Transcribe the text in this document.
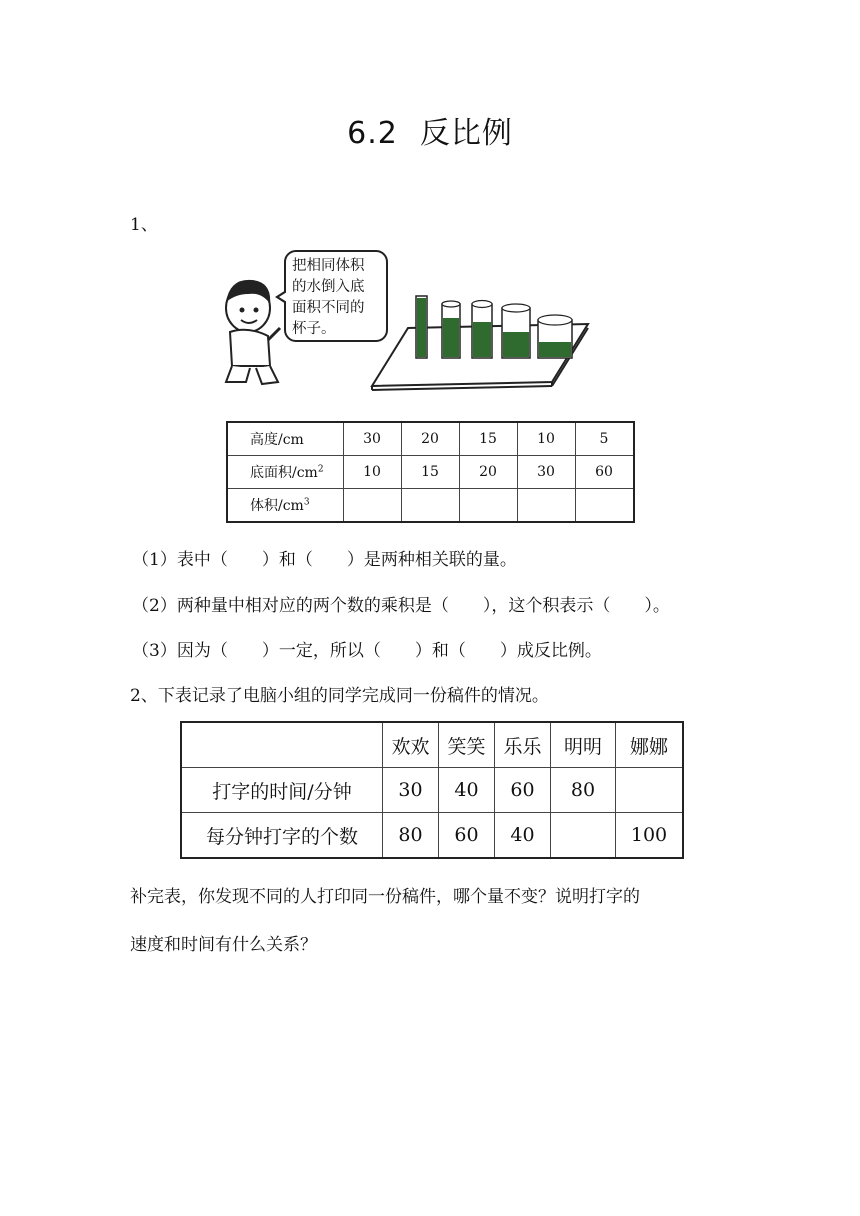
6.2 反比例
1、
把相同体积
的水倒入底
面积不同的
杯子。
高度/cm	30	20	15	10	5
底面积$/cm^2$	10	15	20	30	60
体积$/cm^3$					
（1）表中（　　）和（　　）是两种相关联的量。
（2）两种量中相对应的两个数的乘积是（　　），这个积表示（　　）。
（3）因为（　　）一定，所以（　　）和（　　）成反比例。
2、下表记录了电脑小组的同学完成同一份稿件的情况。
	欢欢	笑笑	乐乐	明明	娜娜
打字的时间/分钟	30	40	60	80	
每分钟打字的个数	80	60	40		100
补完表，你发现不同的人打印同一份稿件，哪个量不变？说明打字的
速度和时间有什么关系？
